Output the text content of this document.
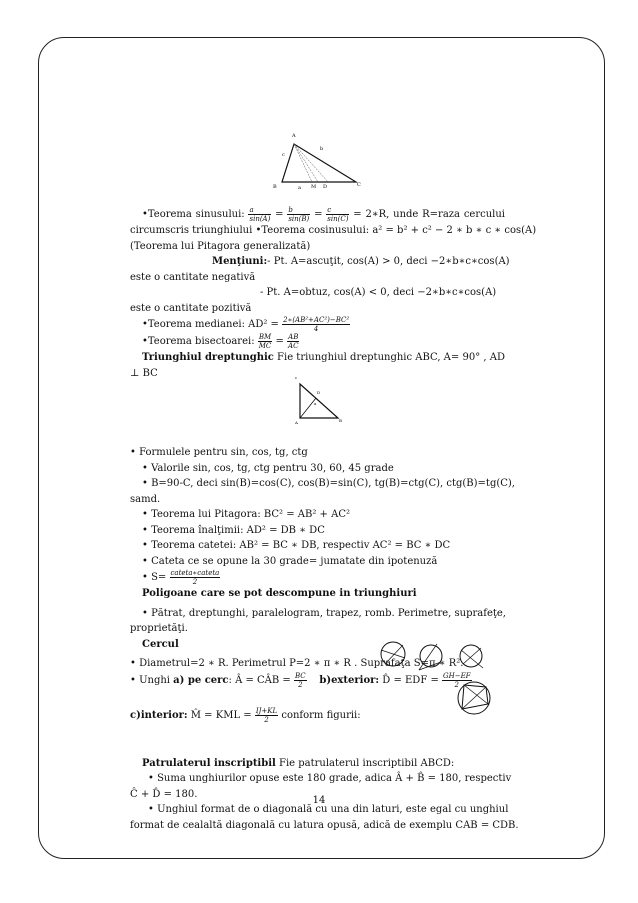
A
c
b
B	a M D	C
c
D
a
A	B
•Teorema sinusului: $\frac{a}{\sin(A)} = \frac{b}{\sin(B)} = \frac{c}{\sin(C)}$ = 2∗R, unde R=raza cercului
circumscris triunghiului •Teorema cosinusului: a² = b² + c² − 2 ∗ b ∗ c ∗ cos(A)
(Teorema lui Pitagora generalizată)
Menţiuni:- Pt. A=ascuţit, cos(A) > 0, deci −2∗b∗c∗cos(A)
este o cantitate negativă
- Pt. A=obtuz, cos(A) < 0, deci −2∗b∗c∗cos(A)
este o cantitate pozitivă
•Teorema medianei: $AD^2 = \frac{\text{2∗(AB²+AC²)−BC²}}{4}$
•Teorema bisectoarei: $\frac{BM}{MC} = \frac{AB}{AC}$
Triunghiul dreptunghic Fie triunghiul dreptunghic ABC, A= 90° , AD
⊥ BC
• Formulele pentru sin, cos, tg, ctg
• Valorile sin, cos, tg, ctg pentru 30, 60, 45 grade
• B=90-C, deci sin(B)=cos(C), cos(B)=sin(C), tg(B)=ctg(C), ctg(B)=tg(C),
samd.
• Teorema lui Pitagora: BC² = AB² + AC²
• Teorema înalţimii: AD² = DB ∗ DC
• Teorema catetei: AB² = BC ∗ DB, respectiv AC² = BC ∗ DC
• Cateta ce se opune la 30 grade= jumatate din ipotenuză
• $S= \frac{\text{cateta∗cateta}}{2}$
Poligoane care se pot descompune in triunghiuri
• Pătrat, dreptunghi, paralelogram, trapez, romb. Perimetre, suprafeţe,
proprietăţi.
Cercul
• Diametrul=2 ∗ R. Perimetrul P=2 ∗ π ∗ R . Suprafaţa S=π ∗ R².
• Unghi a) pe cerc: Â = CÂB = $\frac{BC}{2}$ b)exterior: D̂ = EDF = $\frac{GH-EF}{2}$
c)interior: M̂ = KML = $\frac{IJ+KL}{2}$ conform figurii:
Patrulaterul inscriptibil Fie patrulaterul inscriptibil ABCD:
• Suma unghiurilor opuse este 180 grade, adica Â + B̂ = 180, respectiv
Ĉ + D̂ = 180.
• Unghiul format de o diagonală cu una din laturi, este egal cu unghiul
format de cealaltă diagonală cu latura opusă, adică de exemplu CAB = CDB.
14
